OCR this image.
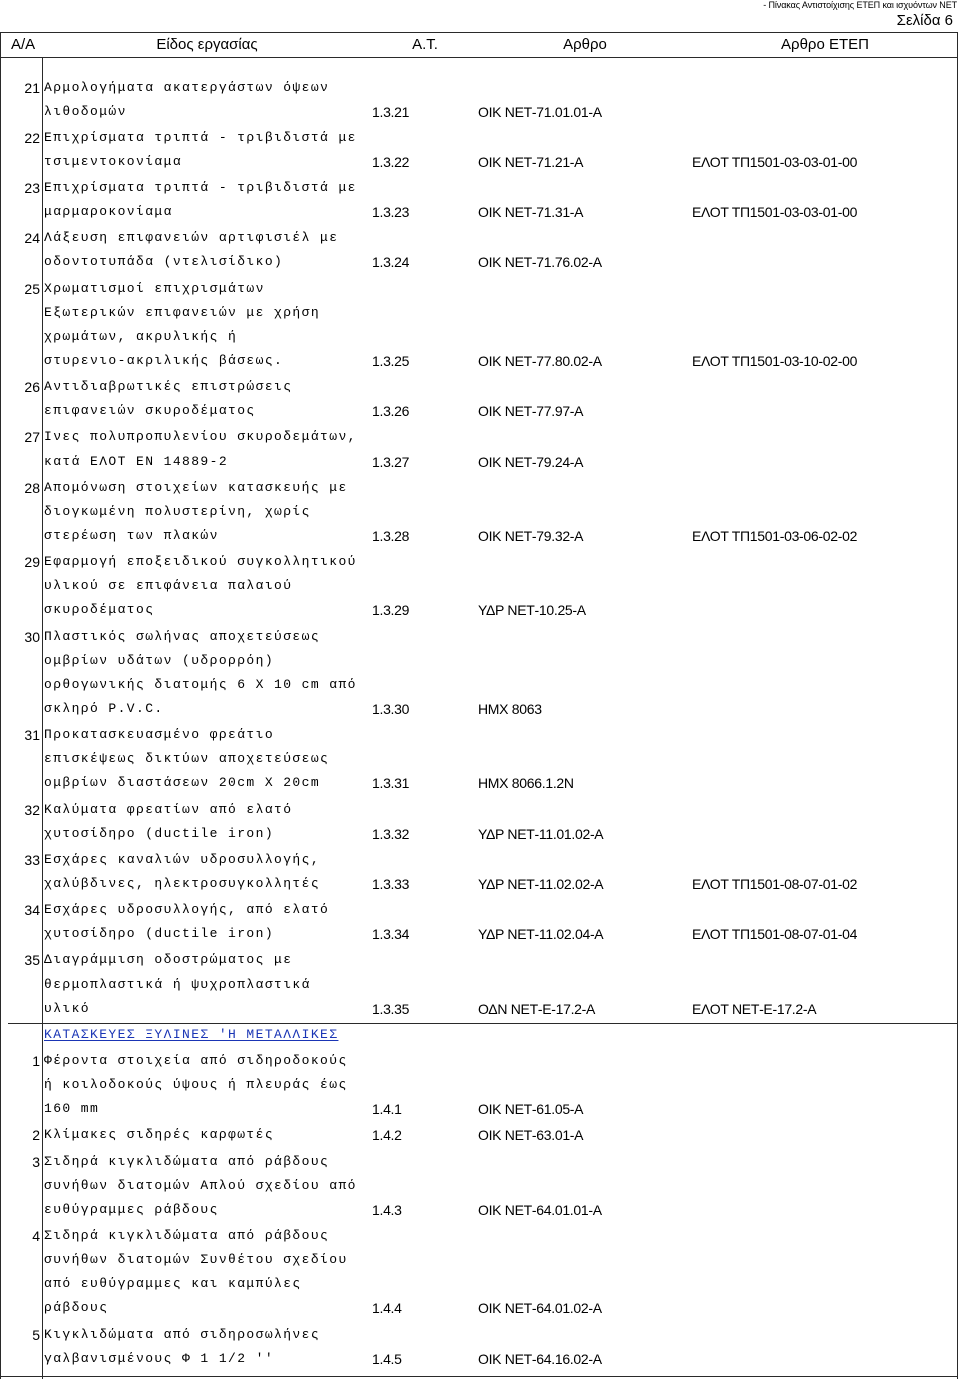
- Πίνακας Αντιστοίχισης ΕΤΕΠ και ισχυόντων ΝΕΤ
Σελίδα 6
Α/Α	Είδος εργασίας	Α.Τ.	Αρθρο	Αρθρο ΕΤΕΠ
21 Αρμολογήματα ακατεργάστων όψεων
λιθοδομών	1.3.21	ΟΙΚ ΝΕΤ-71.01.01-Α
22 Επιχρίσματα τριπτά - τριβιδιστά με
τσιμεντοκονίαμα	1.3.22	ΟΙΚ ΝΕΤ-71.21-Α	ΕΛΟΤ ΤΠ1501-03-03-01-00
23 Επιχρίσματα τριπτά - τριβιδιστά με
μαρμαροκονίαμα	1.3.23	ΟΙΚ ΝΕΤ-71.31-Α	ΕΛΟΤ ΤΠ1501-03-03-01-00
24 Λάξευση επιφανειών αρτιφισιέλ με
οδοντοτυπάδα (ντελισίδικο)	1.3.24	ΟΙΚ ΝΕΤ-71.76.02-Α
25 Χρωματισμοί επιχρισμάτων
Εξωτερικών επιφανειών με χρήση
χρωμάτων, ακρυλικής ή
στυρενιο-ακριλικής βάσεως.	1.3.25	ΟΙΚ ΝΕΤ-77.80.02-Α	ΕΛΟΤ ΤΠ1501-03-10-02-00
26 Αντιδιαβρωτικές επιστρώσεις
επιφανειών σκυροδέματος	1.3.26	ΟΙΚ ΝΕΤ-77.97-Α
27 Ινες πολυπροπυλενίου σκυροδεμάτων,
κατά ΕΛΟΤ ΕΝ 14889-2	1.3.27	ΟΙΚ ΝΕΤ-79.24-Α
28 Απομόνωση στοιχείων κατασκευής με
διογκωμένη πολυστερίνη, χωρίς
στερέωση των πλακών	1.3.28	ΟΙΚ ΝΕΤ-79.32-Α	ΕΛΟΤ ΤΠ1501-03-06-02-02
29 Εφαρμογή εποξειδικού συγκολλητικού
υλικού σε επιφάνεια παλαιού
σκυροδέματος	1.3.29	ΥΔΡ ΝΕΤ-10.25-Α
30 Πλαστικός σωλήνας αποχετεύσεως
ομβρίων υδάτων (υδρορρόη)
ορθογωνικής διατομής 6 X 10 cm από
σκληρό P.V.C.	1.3.30	ΗΜΧ 8063
31 Προκατασκευασμένο φρεάτιο
επισκέψεως δικτύων αποχετεύσεως
ομβρίων διαστάσεων 20cm X 20cm	1.3.31	ΗΜΧ 8066.1.2Ν
32 Καλύματα φρεατίων από ελατό
χυτοσίδηρο (ductile iron)	1.3.32	ΥΔΡ ΝΕΤ-11.01.02-Α
33 Εσχάρες καναλιών υδροσυλλογής,
χαλύβδινες, ηλεκτροσυγκολλητές	1.3.33	ΥΔΡ ΝΕΤ-11.02.02-Α	ΕΛΟΤ ΤΠ1501-08-07-01-02
34 Εσχάρες υδροσυλλογής, από ελατό
χυτοσίδηρο (ductile iron)	1.3.34	ΥΔΡ ΝΕΤ-11.02.04-Α	ΕΛΟΤ ΤΠ1501-08-07-01-04
35 Διαγράμμιση οδοστρώματος με
θερμοπλαστικά ή ψυχροπλαστικά
υλικό	1.3.35	ΟΔΝ ΝΕΤ-Ε-17.2-Α	ΕΛΟΤ ΝΕΤ-Ε-17.2-Α
ΚΑΤΑΣΚΕΥΕΣ ΞΥΛΙΝΕΣ 'Η ΜΕΤΑΛΛΙΚΕΣ
1 Φέροντα στοιχεία από σιδηροδοκούς
ή κοιλοδοκούς ύψους ή πλευράς έως
160 mm	1.4.1	ΟΙΚ ΝΕΤ-61.05-Α
2 Κλίμακες σιδηρές καρφωτές	1.4.2	ΟΙΚ ΝΕΤ-63.01-Α
3 Σιδηρά κιγκλιδώματα από ράβδους
συνήθων διατομών Απλού σχεδίου από
ευθύγραμμες ράβδους	1.4.3	ΟΙΚ ΝΕΤ-64.01.01-Α
4 Σιδηρά κιγκλιδώματα από ράβδους
συνήθων διατομών Συνθέτου σχεδίου
από ευθύγραμμες και καμπύλες
ράβδους	1.4.4	ΟΙΚ ΝΕΤ-64.01.02-Α
5 Κιγκλιδώματα από σιδηροσωλήνες
γαλβανισμένους Φ 1 1/2 ''	1.4.5	ΟΙΚ ΝΕΤ-64.16.02-Α
